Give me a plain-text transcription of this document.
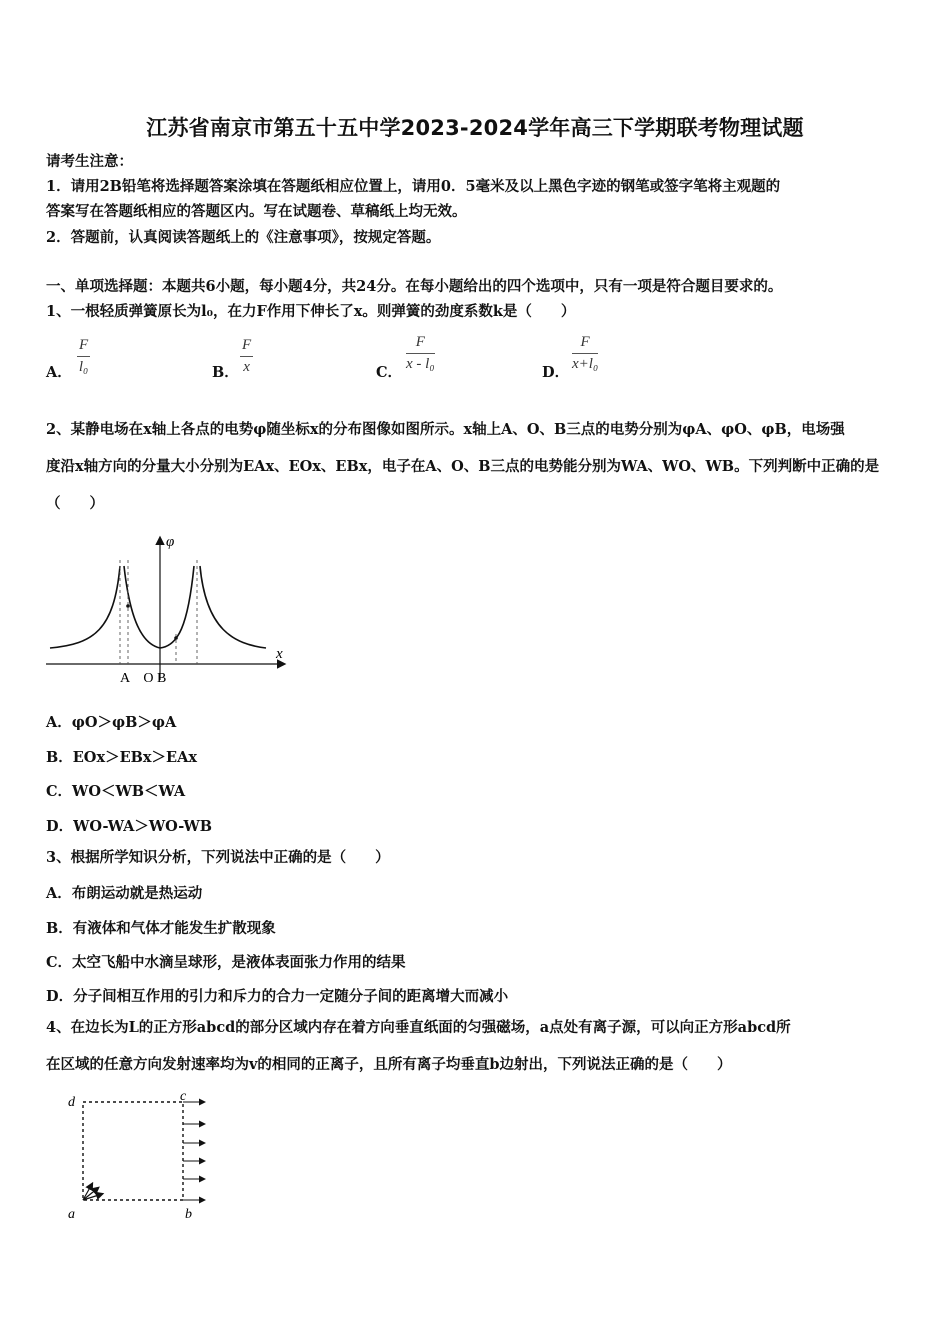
江苏省南京市第五十五中学2023-2024学年高三下学期联考物理试题
请考生注意：
1．请用2B铅笔将选择题答案涂填在答题纸相应位置上，请用0．5毫米及以上黑色字迹的钢笔或签字笔将主观题的
答案写在答题纸相应的答题区内。写在试题卷、草稿纸上均无效。
2．答题前，认真阅读答题纸上的《注意事项》，按规定答题。
一、单项选择题：本题共6小题，每小题4分，共24分。在每小题给出的四个选项中，只有一项是符合题目要求的。
1、一根轻质弹簧原长为l₀，在力F作用下伸长了x。则弹簧的劲度系数k是（　　）
A．
F
l₀	B．
F
x	C．
F
x - l₀	D．
F
x+l₀
2、某静电场在x轴上各点的电势φ随坐标x的分布图像如图所示。x轴上A、O、B三点的电势分别为φA、φO、φB，电场强
度沿x轴方向的分量大小分别为EAx、EOx、EBx，电子在A、O、B三点的电势能分别为WA、WO、WB。下列判断中正确的是
（　　）
φ
x
A    O B
A．φO＞φB＞φA
B．EOx＞EBx＞EAx
C．WO＜WB＜WA
D．WO-WA＞WO-WB
3、根据所学知识分析，下列说法中正确的是（　　）
A．布朗运动就是热运动
B．有液体和气体才能发生扩散现象
C．太空飞船中水滴呈球形，是液体表面张力作用的结果
D．分子间相互作用的引力和斥力的合力一定随分子间的距离增大而减小
4、在边长为L的正方形abcd的部分区域内存在着方向垂直纸面的匀强磁场，a点处有离子源，可以向正方形abcd所
在区域的任意方向发射速率均为v的相同的正离子，且所有离子均垂直b边射出，下列说法正确的是（　　）
d	c
a	b
